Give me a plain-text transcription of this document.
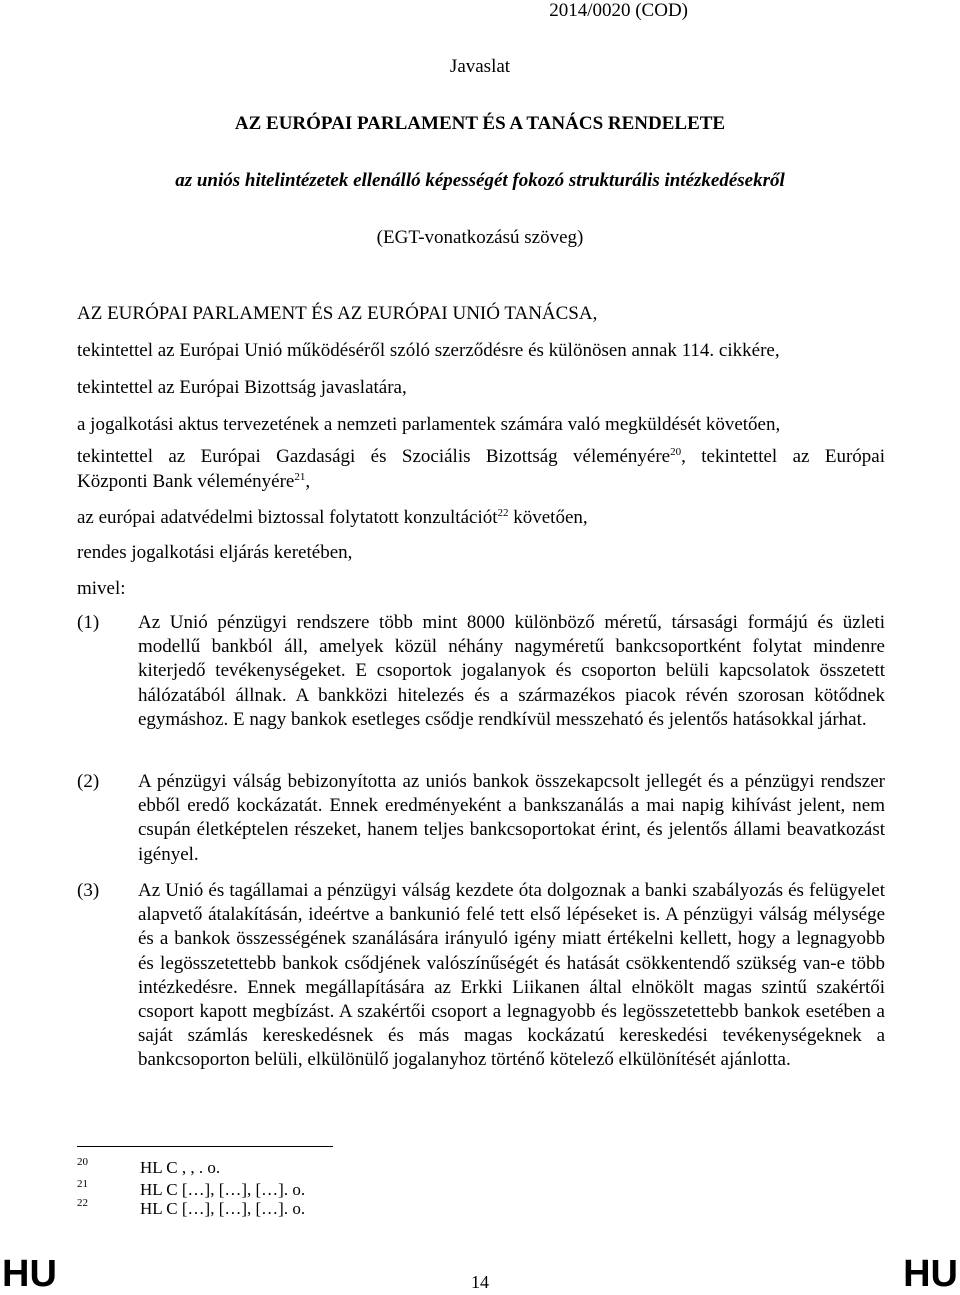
2014/0020 (COD)
Javaslat
AZ EURÓPAI PARLAMENT ÉS A TANÁCS RENDELETE
az uniós hitelintézetek ellenálló képességét fokozó strukturális intézkedésekről
(EGT-vonatkozású szöveg)
AZ EURÓPAI PARLAMENT ÉS AZ EURÓPAI UNIÓ TANÁCSA,
tekintettel az Európai Unió működéséről szóló szerződésre és különösen annak 114. cikkére,
tekintettel az Európai Bizottság javaslatára,
a jogalkotási aktus tervezetének a nemzeti parlamentek számára való megküldését követően,
tekintettel az Európai Gazdasági és Szociális Bizottság véleményére$^{20}$, tekintettel az Európai
Központi Bank véleményére$^{21}$,
az európai adatvédelmi biztossal folytatott konzultációt$^{22}$ követően,
rendes jogalkotási eljárás keretében,
mivel:
(1) Az Unió pénzügyi rendszere több mint 8000 különböző méretű, társasági formájú és üzleti modellű bankból áll, amelyek közül néhány nagyméretű bankcsoportként folytat mindenre kiterjedő tevékenységeket. E csoportok jogalanyok és csoporton belüli kapcsolatok összetett hálózatából állnak. A bankközi hitelezés és a származékos piacok révén szorosan kötődnek egymáshoz. E nagy bankok esetleges csődje rendkívül messzeható és jelentős hatásokkal járhat.
(2) A pénzügyi válság bebizonyította az uniós bankok összekapcsolt jellegét és a pénzügyi rendszer ebből eredő kockázatát. Ennek eredményeként a bankszanálás a mai napig kihívást jelent, nem csupán életképtelen részeket, hanem teljes bankcsoportokat érint, és jelentős állami beavatkozást igényel.
(3) Az Unió és tagállamai a pénzügyi válság kezdete óta dolgoznak a banki szabályozás és felügyelet alapvető átalakításán, ideértve a bankunió felé tett első lépéseket is. A pénzügyi válság mélysége és a bankok összességének szanálására irányuló igény miatt értékelni kellett, hogy a legnagyobb és legösszetettebb bankok csődjének valószínűségét és hatását csökkentendő szükség van-e több intézkedésre. Ennek megállapítására az Erkki Liikanen által elnökölt magas szintű szakértői csoport kapott megbízást. A szakértői csoport a legnagyobb és legösszetettebb bankok esetében a saját számlás kereskedésnek és más magas kockázatú kereskedési tevékenységeknek a bankcsoporton belüli, elkülönülő jogalanyhoz történő kötelező elkülönítését ajánlotta.
20	HL C , , . o.
21	HL C […], […], […]. o.
22	HL C […], […], […]. o.
HU	14	HU
